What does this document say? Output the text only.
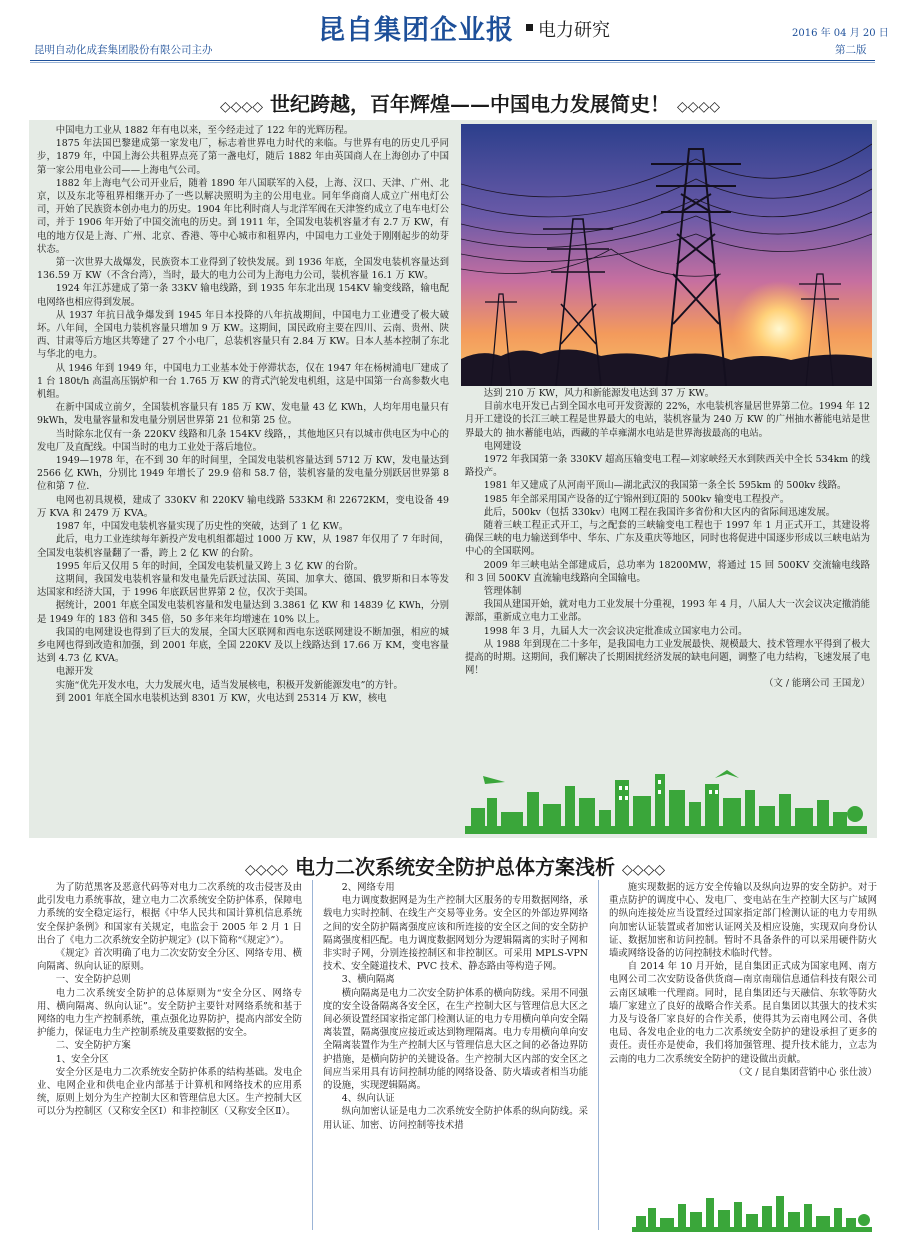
昆自集团企业报 电力研究
昆明自动化成套集团股份有限公司主办
2016 年 04 月 20 日
第二版
◇◇◇◇ 世纪跨越，百年辉煌——中国电力发展简史！ ◇◇◇◇

中国电力工业从 1882 年有电以来，至今经走过了 122 年的光辉历程。

1875 年法国巴黎建成第一家发电厂，标志着世界电力时代的来临。与世界有电的历史几乎同步，1879 年，中国上海公共租界点亮了第一盏电灯，随后 1882 年由英国商人在上海创办了中国第一家公用电业公司——上海电气公司。

1882 年上海电气公司开业后，随着 1890 年八国联军的入侵，上海、汉口、天津、广州、北京，以及东北等租界相继开办了一些以解决照明为主的公用电业。同年华商商人成立广州电灯公司，开始了民族资本创办电力的历史。1904 年比利时商人与北洋军阀在天津签约成立了电车电灯公司，并于 1906 年开始了中国交流电的历史。到 1911 年，全国发电装机容量才有 2.7 万 KW，有电的地方仅是上海、广州、北京、香港、等中心城市和租界内，中国电力工业处于刚刚起步的幼芽状态。

第一次世界大战爆发，民族资本工业得到了较快发展。到 1936 年底，全国发电装机容量达到 136.59 万 KW（不含台湾），当时，最大的电力公司为上海电力公司，装机容量 16.1 万 KW。

1924 年江苏建成了第一条 33KV 输电线路，到 1935 年东北出现 154KV 输变线路，输电配电网络也相应得到发展。

从 1937 年抗日战争爆发到 1945 年日本投降的八年抗战期间，中国电力工业遭受了极大破坏。八年间，全国电力装机容量只增加 9 万 KW。这期间，国民政府主要在四川、云南、贵州、陕西、甘肃等后方地区共筹建了 27 个小电厂，总装机容量只有 2.84 万 KW。日本人基本控制了东北与华北的电力。

从 1946 年到 1949 年，中国电力工业基本处于停滞状态，仅在 1947 年在杨树浦电厂建成了 1 台 180t/h 高温高压锅炉和一台 1.765 万 KW 的背式汽轮发电机组，这是中国第一台高参数火电机组。

在新中国成立前夕，全国装机容量只有 185 万 KW、发电量 43 亿 KWh，人均年用电量只有 9kWh，发电量容量和发电量分别居世界第 21 位和第 25 位。

当时除东北仅有一条 220KV 线路和几条 154KV 线路，，其他地区只有以城市供电区为中心的发电厂及直配线。中国当时的电力工业处于落后地位。

1949—1978 年，在不到 30 年的时间里，全国发电装机容量达到 5712 万 KW，发电量达到 2566 亿 KWh，分别比 1949 年增长了 29.9 倍和 58.7 倍，装机容量的发电量分别跃居世界第 8 位和第 7 位．

电网也初具规模，建成了 330KV 和 220KV 输电线路 533KM 和 22672KM，变电设备 49 万 KVA 和 2479 万 KVA。

1987 年，中国发电装机容量实现了历史性的突破，达到了 1 亿 KW。

此后，电力工业连续每年新投产发电机组都超过 1000 万 KW，从 1987 年仅用了 7 年时间，全国发电装机容量翻了一番，跨上 2 亿 KW 的台阶。

1995 年后又仅用 5 年的时间，全国发电装机量又跨上 3 亿 KW 的台阶。

这期间，我国发电装机容量和发电量先后跃过法国、英国、加拿大、德国、俄罗斯和日本等发达国家和经济大国，于 1996 年底跃居世界第 2 位，仅次于美国。

据统计，2001 年底全国发电装机容量和发电量达到 3.3861 亿 KW 和 14839 亿 KWh，分别是 1949 年的 183 倍和 345 倍，50 多年来年均增速在 10% 以上。

我国的电网建设也得到了巨大的发展，全国大区联网和西电东送联网建设不断加强，相应的城乡电网也得到改造和加强，到 2001 年底，全国 220KV 及以上线路达到 17.66 万 KM，变电容量达到 4.73 亿 KVA。

电源开发

实施“优先开发水电，大力发展火电，适当发展核电，积极开发新能源发电”的方针。

到 2001 年底全国水电装机达到 8301 万 KW，火电达到 25314 万 KW，核电

达到 210 万 KW，风力和新能源发电达到 37 万 KW。

目前水电开发已占到全国水电可开发资源的 22%，水电装机容量居世界第二位。1994 年 12 月开工建设的长江三峡工程是世界最大的电站，装机容量为 240 万 KW 的广州抽水蓄能电站是世界最大的 抽水蓄能电站，西藏的羊卓雍湖水电站是世界海拔最高的电站。

电网建设

1972 年我国第一条 330KV 超高压输变电工程—刘家峡经天水到陕西关中全长 534km 的线路投产。

1981 年又建成了从河南平顶山—湖北武汉的我国第一条全长 595km 的 500kv 线路。

1985 年全部采用国产设备的辽宁锦州到辽阳的 500kv 输变电工程投产。

此后，500kv（包括 330kv）电网工程在我国许多省份和大区内的省际间迅速发展。

随着三峡工程正式开工，与之配套的三峡输变电工程也于 1997 年 1 月正式开工，其建设将确保三峡的电力输送到华中、华东、广东及重庆等地区，同时也将促进中国逐步形成以三峡电站为中心的全国联网。

2009 年三峡电站全部建成后，总功率为 18200MW，将通过 15 回 500KV 交流输电线路和 3 回 500KV 直流输电线路向全国输电。

管理体制

我国从建国开始，就对电力工业发展十分重视，1993 年 4 月，八届人大一次会议决定撤消能源部，重新成立电力工业部。

1998 年 3 月，九届人大一次会议决定批准成立国家电力公司。

从 1988 年到现在二十多年，是我国电力工业发展最快、规模最大、技术管理水平得到了极大提高的时期。这期间，我们解决了长期困扰经济发展的缺电问题，调整了电力结构，飞速发展了电网！

（文 / 能璃公司 王国龙）

◇◇◇◇ 电力二次系统安全防护总体方案浅析 ◇◇◇◇

为了防范黑客及恶意代码等对电力二次系统的攻击侵害及由此引发电力系统事故，建立电力二次系统安全防护体系，保障电力系统的安全稳定运行，根据《中华人民共和国计算机信息系统安全保护条例》和国家有关规定，电监会于 2005 年 2 月 1 日出台了《电力二次系统安全防护规定》(以下简称“《规定》”）。

《规定》首次明确了电力二次安防安全分区、网络专用、横向隔离、纵向认证的原则。

一、安全防护总则

电力二次系统安全防护的总体原则为“安全分区、网络专用、横向隔离、纵向认证”。安全防护主要针对网络系统和基于网络的电力生产控制系统，重点强化边界防护，提高内部安全防护能力，保证电力生产控制系统及重要数据的安全。

二、安全防护方案

1、安全分区

安全分区是电力二次系统安全防护体系的结构基础。发电企业、电网企业和供电企业内部基于计算机和网络技术的应用系统，原则上划分为生产控制大区和管理信息大区。生产控制大区可以分为控制区（又称安全区Ⅰ）和非控制区（又称安全区Ⅱ）。

2、网络专用

电力调度数据网是为生产控制大区服务的专用数据网络，承载电力实时控制、在线生产交易等业务。安全区的外部边界网络之间的安全防护隔离强度应该和所连接的安全区之间的安全防护隔离强度相匹配。电力调度数据网划分为逻辑隔离的实时子网和非实时子网，分别连接控制区和非控制区。可采用 MPLS-VPN 技术、安全隧道技术、PVC 技术、静态路由等构造子网。

3、横向隔离

横向隔离是电力二次安全防护体系的横向防线。采用不同强度的安全设备隔离各安全区，在生产控制大区与管理信息大区之间必须设置经国家指定部门检测认证的电力专用横向单向安全隔离装置，隔离强度应接近或达到物理隔离。电力专用横向单向安全隔离装置作为生产控制大区与管理信息大区之间的必备边界防护措施，是横向防护的关键设备。生产控制大区内部的安全区之间应当采用具有访问控制功能的网络设备、防火墙或者相当功能的设施，实现逻辑隔离。

4、纵向认证

纵向加密认证是电力二次系统安全防护体系的纵向防线。采用认证、加密、访问控制等技术措

施实现数据的远方安全传输以及纵向边界的安全防护。对于重点防护的调度中心、发电厂、变电站在生产控制大区与广域网的纵向连接处应当设置经过国家指定部门检测认证的电力专用纵向加密认证装置或者加密认证网关及相应设施，实现双向身份认证、数据加密和访问控制。暂时不具备条件的可以采用硬件防火墙或网络设备的访问控制技术临时代替。

自 2014 年 10 月开始，昆自集团正式成为国家电网、南方电网公司二次安防设备供货商—南京南瑞信息通信科技有限公司云南区域唯一代理商。同时，昆自集团还与天融信、东软等防火墙厂家建立了良好的战略合作关系。昆自集团以其强大的技术实力及与设备厂家良好的合作关系，使得其为云南电网公司、各供电局、各发电企业的电力二次系统安全防护的建设承担了更多的责任。责任亦是使命，我们将加强管理、提升技术能力，立志为云南的电力二次系统安全防护的建设做出贡献。

（文 / 昆自集团营销中心 张仕波）
